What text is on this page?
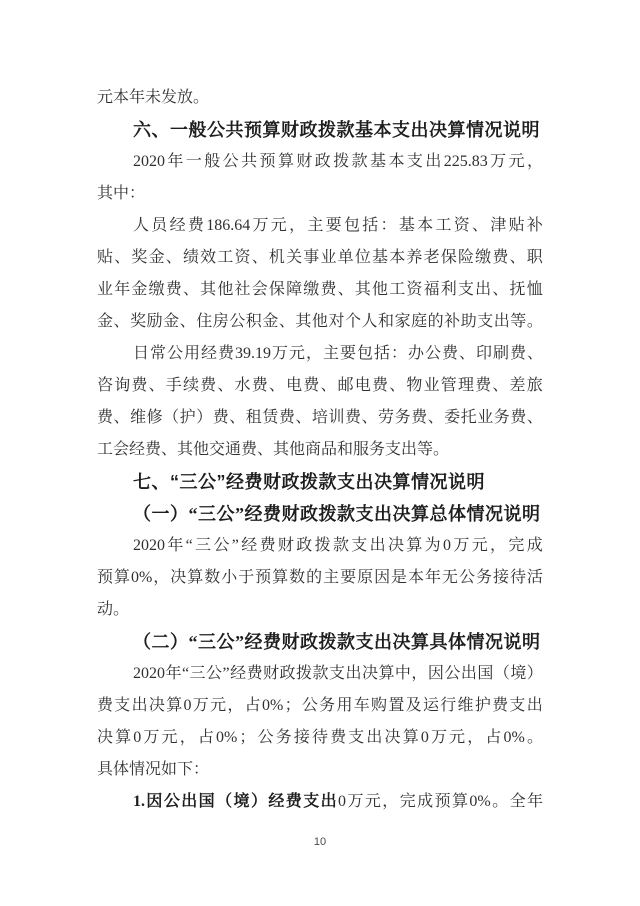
元本年未发放。
六、一般公共预算财政拨款基本支出决算情况说明
2020 年 一 般 公 共 预 算 财 政 拨 款 基 本 支 出 225.83 万 元 ，
其中：
人 员 经 费 186.64 万 元 ， 主 要 包 括 ： 基 本 工 资 、 津 贴 补
贴 、 奖 金 、 绩 效 工 资 、 机 关 事 业 单 位 基 本 养 老 保 险 缴 费 、 职
业 年 金 缴 费 、 其 他 社 会 保 障 缴 费 、 其 他 工 资 福 利 支 出 、 抚 恤
金 、 奖 励 金 、 住 房 公 积 金 、 其 他 对 个 人 和 家 庭 的 补 助 支 出 等 。
日 常 公 用 经 费 39.19 万 元 ， 主 要 包 括 ： 办 公 费 、 印 刷 费 、
咨 询 费 、 手 续 费 、 水 费 、 电 费 、 邮 电 费 、 物 业 管 理 费 、 差 旅
费 、 维 修 （ 护 ） 费 、 租 赁 费 、 培 训 费 、 劳 务 费 、 委 托 业 务 费 、
工会经费、其他交通费、其他商品和服务支出等。
七、“三公”经费财政拨款支出决算情况说明
（一）“三公”经费财政拨款支出决算总体情况说明
2020 年 “ 三 公 ” 经 费 财 政 拨 款 支 出 决 算 为 0 万 元 ， 完 成
预 算 0% ， 决 算 数 小 于 预 算 数 的 主 要 原 因 是 本 年 无 公 务 接 待 活
动。
（二）“三公”经费财政拨款支出决算具体情况说明
2020 年 “ 三 公 ” 经 费 财 政 拨 款 支 出 决 算 中 ， 因 公 出 国 （ 境 ）
费 支 出 决 算 0 万 元 ， 占 0% ； 公 务 用 车 购 置 及 运 行 维 护 费 支 出
决 算 0 万 元 ， 占 0% ； 公 务 接 待 费 支 出 决 算 0 万 元 ， 占 0% 。
具体情况如下：
1. 因 公 出 国 （ 境 ） 经 费 支 出 0 万 元 ， 完 成 预 算 0% 。 全 年
10
